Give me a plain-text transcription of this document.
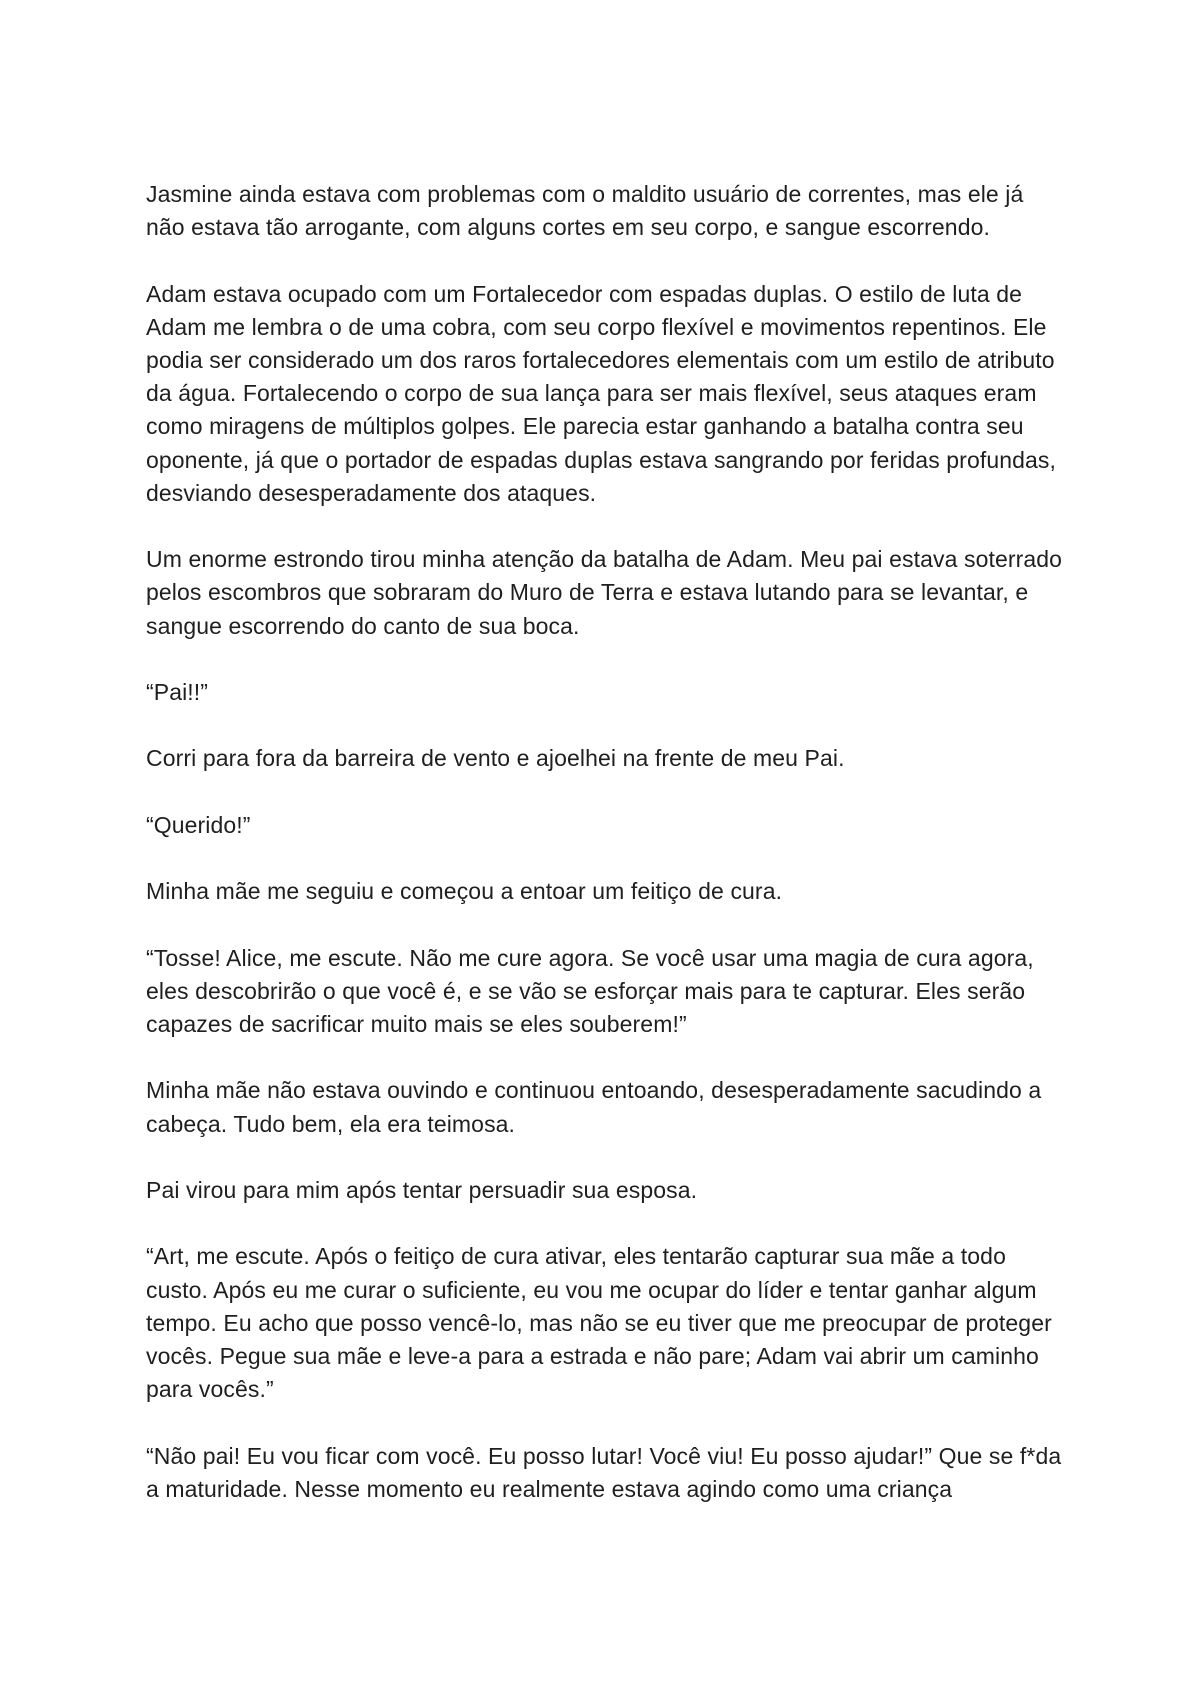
Jasmine ainda estava com problemas com o maldito usuário de correntes, mas ele já não estava tão arrogante, com alguns cortes em seu corpo, e sangue escorrendo.

Adam estava ocupado com um Fortalecedor com espadas duplas. O estilo de luta de Adam me lembra o de uma cobra, com seu corpo flexível e movimentos repentinos. Ele podia ser considerado um dos raros fortalecedores elementais com um estilo de atributo da água. Fortalecendo o corpo de sua lança para ser mais flexível, seus ataques eram como miragens de múltiplos golpes. Ele parecia estar ganhando a batalha contra seu oponente, já que o portador de espadas duplas estava sangrando por feridas profundas, desviando desesperadamente dos ataques.

Um enorme estrondo tirou minha atenção da batalha de Adam. Meu pai estava soterrado pelos escombros que sobraram do Muro de Terra e estava lutando para se levantar, e sangue escorrendo do canto de sua boca.

“Pai!!”

Corri para fora da barreira de vento e ajoelhei na frente de meu Pai.

“Querido!”

Minha mãe me seguiu e começou a entoar um feitiço de cura.

“Tosse! Alice, me escute. Não me cure agora. Se você usar uma magia de cura agora, eles descobrirão o que você é, e se vão se esforçar mais para te capturar. Eles serão capazes de sacrificar muito mais se eles souberem!”

Minha mãe não estava ouvindo e continuou entoando, desesperadamente sacudindo a cabeça. Tudo bem, ela era teimosa.

Pai virou para mim após tentar persuadir sua esposa.

“Art, me escute. Após o feitiço de cura ativar, eles tentarão capturar sua mãe a todo custo. Após eu me curar o suficiente, eu vou me ocupar do líder e tentar ganhar algum tempo. Eu acho que posso vencê-lo, mas não se eu tiver que me preocupar de proteger vocês. Pegue sua mãe e leve-a para a estrada e não pare; Adam vai abrir um caminho para vocês.”

“Não pai! Eu vou ficar com você. Eu posso lutar! Você viu! Eu posso ajudar!” Que se f*da a maturidade. Nesse momento eu realmente estava agindo como uma criança
